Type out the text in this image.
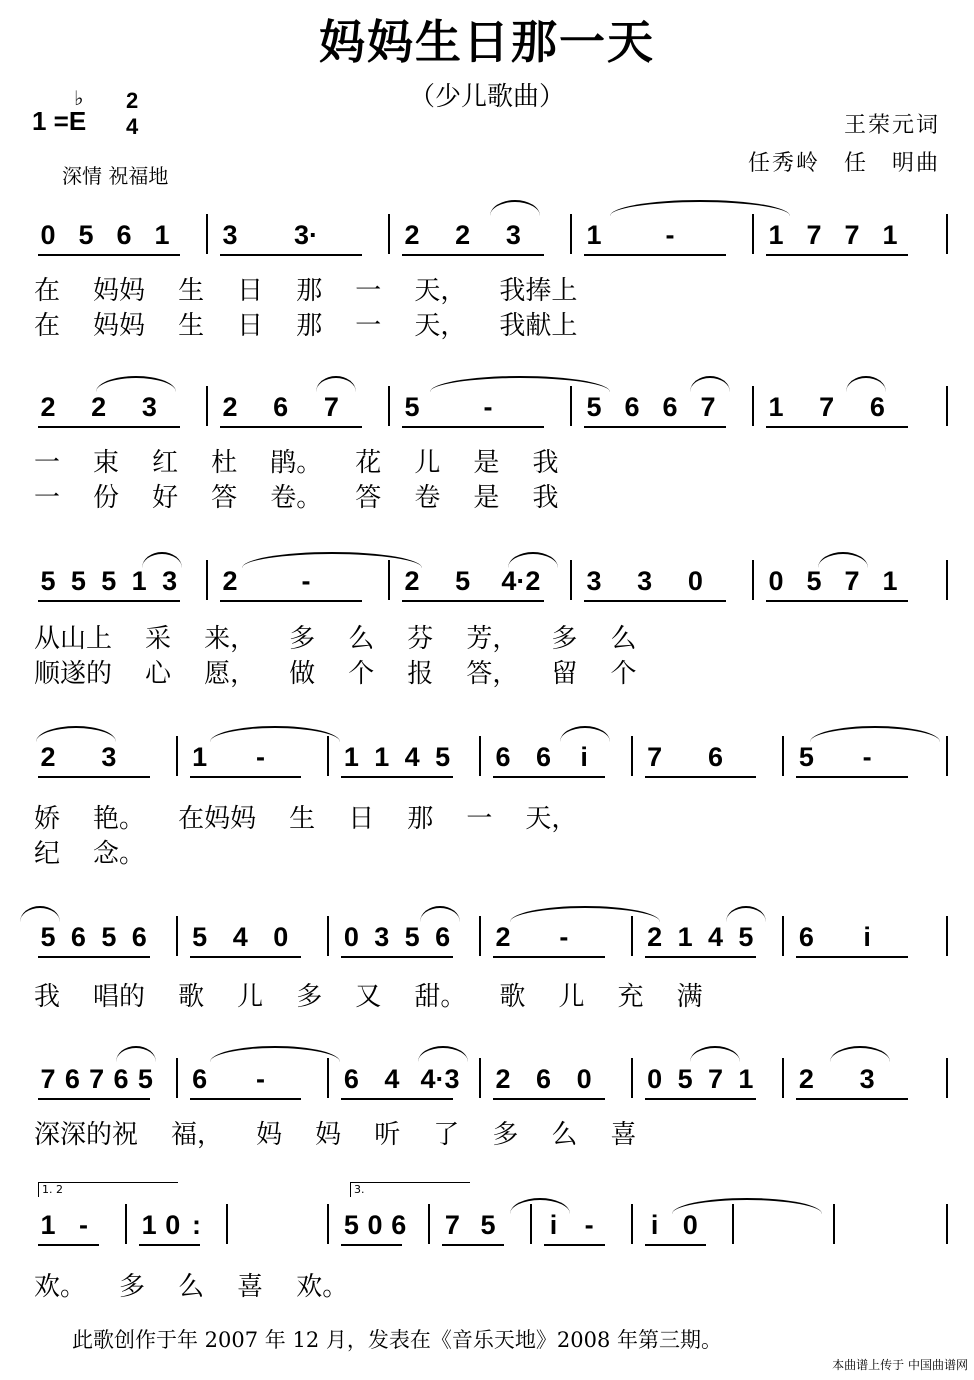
妈妈生日那一天
（少儿歌曲）
1 =E
♭ 2
4
深情 祝福地
王荣元词
任秀岭　任　明曲
0 5 6 1 3 3·	2 2 3 1 -	1 7 7 1
在    妈妈    生    日    那    一    天，    我捧上
在    妈妈    生    日    那    一    天，    我献上
2 2 3 2 6 7 5 -	5 6 6 7 1 7 6
一    束    红    杜    鹃。    花    儿    是    我
一    份    好    答    卷。    答    卷    是    我
5 5 5 1 3 2 -	2 5 4·2 3 3 0 0 5 7 1
从山上    采    来，    多    么    芬    芳，    多    么
顺遂的    心    愿，    做    个    报    答，    留    个
2 3	1 -	1 1 4 5 6 6	i	7 6	5 -
娇    艳。    在妈妈    生    日    那    一    天，
纪    念。
5 6 5 6 5 4 0 0 3 5 6 2 -	2 1 4 5 6	i
我    唱的    歌    儿    多    又    甜。    歌    儿    充    满
7 6 7 6 5 6 -	6 4 4·3 2 6 0 0 5 7 1 2 3
深深的祝    福，    妈    妈    听    了    多    么    喜
1 - 1 0 :	5 0 6 7 5	i	-	i 0
欢。    多    么    喜    欢。
1. 2	3.
此歌创作于年 2007 年 12 月，发表在《音乐天地》2008 年第三期。
本曲谱上传于 中国曲谱网
